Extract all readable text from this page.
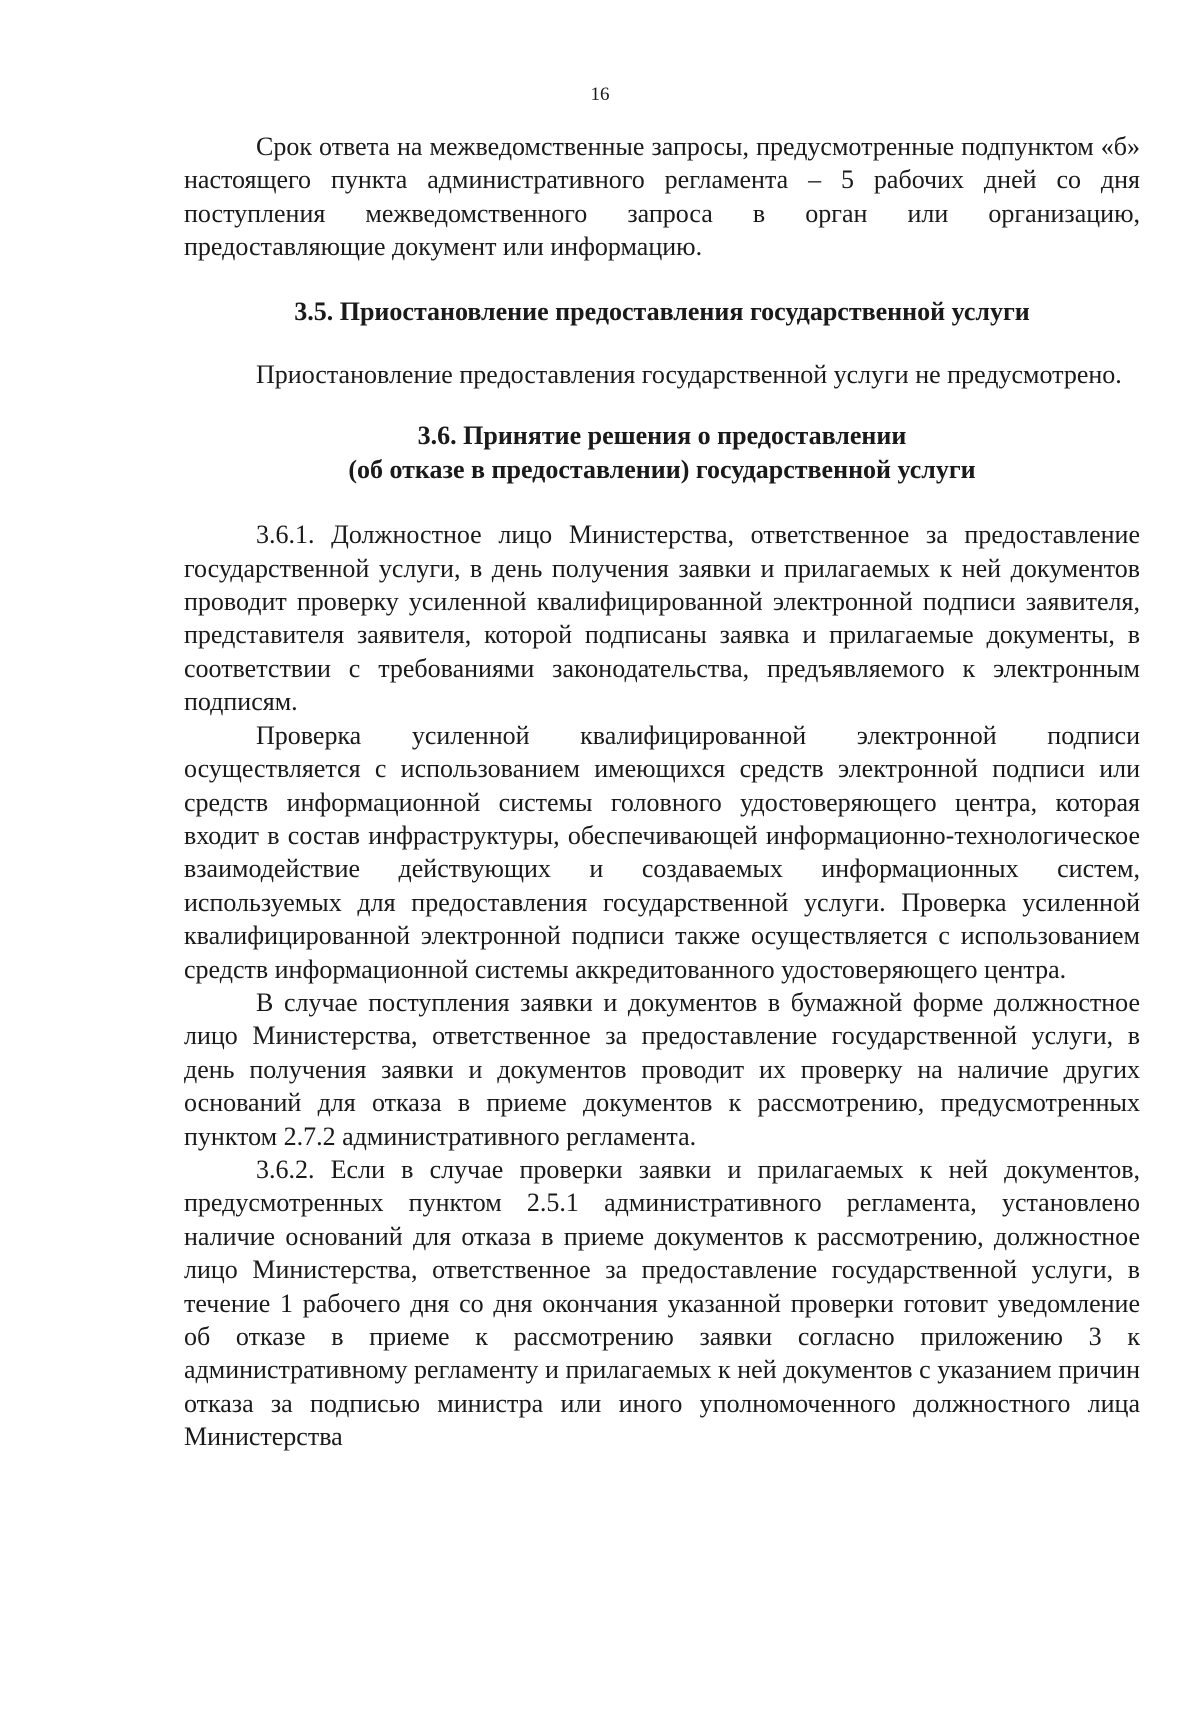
16

Срок ответа на межведомственные запросы, предусмотренные подпунктом «б» настоящего пункта административного регламента – 5 рабочих дней со дня поступления межведомственного запроса в орган или организацию, предоставляющие документ или информацию.

3.5. Приостановление предоставления государственной услуги

Приостановление предоставления государственной услуги не предусмотрено.

3.6. Принятие решения о предоставлении

(об отказе в предоставлении) государственной услуги

3.6.1. Должностное лицо Министерства, ответственное за предоставление государственной услуги, в день получения заявки и прилагаемых к ней документов проводит проверку усиленной квалифицированной электронной подписи заявителя, представителя заявителя, которой подписаны заявка и прилагаемые документы, в соответствии с требованиями законодательства, предъявляемого к электронным подписям.

Проверка усиленной квалифицированной электронной подписи осуществляется с использованием имеющихся средств электронной подписи или средств информационной системы головного удостоверяющего центра, которая входит в состав инфраструктуры, обеспечивающей информационно-технологическое взаимодействие действующих и создаваемых информационных систем, используемых для предоставления государственной услуги. Проверка усиленной квалифицированной электронной подписи также осуществляется с использованием средств информационной системы аккредитованного удостоверяющего центра.

В случае поступления заявки и документов в бумажной форме должностное лицо Министерства, ответственное за предоставление государственной услуги, в день получения заявки и документов проводит их проверку на наличие других оснований для отказа в приеме документов к рассмотрению, предусмотренных пунктом 2.7.2 административного регламента.

3.6.2. Если в случае проверки заявки и прилагаемых к ней документов, предусмотренных пунктом 2.5.1 административного регламента, установлено наличие оснований для отказа в приеме документов к рассмотрению, должностное лицо Министерства, ответственное за предоставление государственной услуги, в течение 1 рабочего дня со дня окончания указанной проверки готовит уведомление об отказе в приеме к рассмотрению заявки согласно приложению 3 к административному регламенту и прилагаемых к ней документов с указанием причин отказа за подписью министра или иного уполномоченного должностного лица Министерства
